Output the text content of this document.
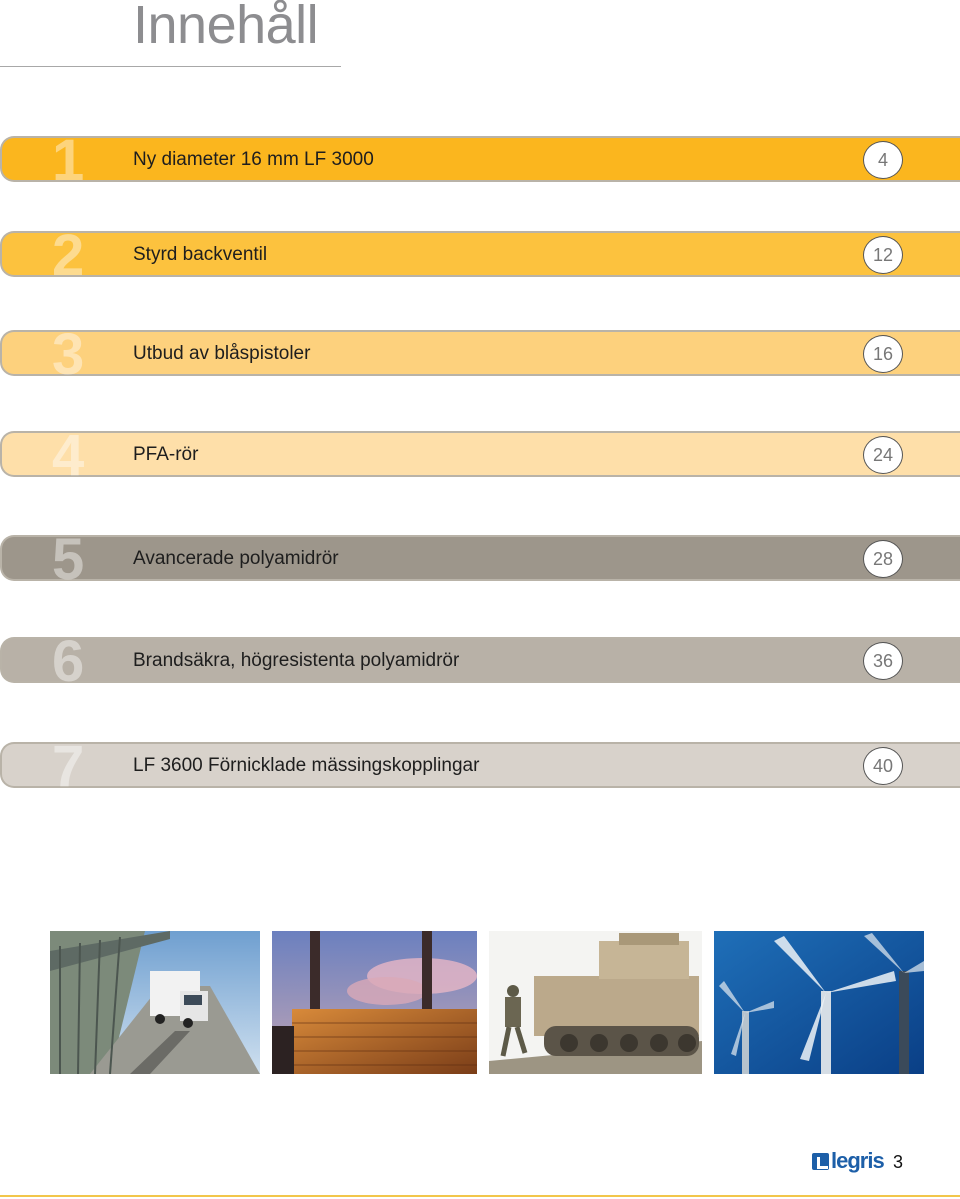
Innehåll
1	Ny diameter 16 mm LF 3000	4
2	Styrd backventil	12
3	Utbud av blåspistoler	16
4	PFA-rör	24
5	Avancerade polyamidrör	28
6	Brandsäkra, högresistenta polyamidrör	36
7	LF 3600 Förnicklade mässingskopplingar	40
legris 3
